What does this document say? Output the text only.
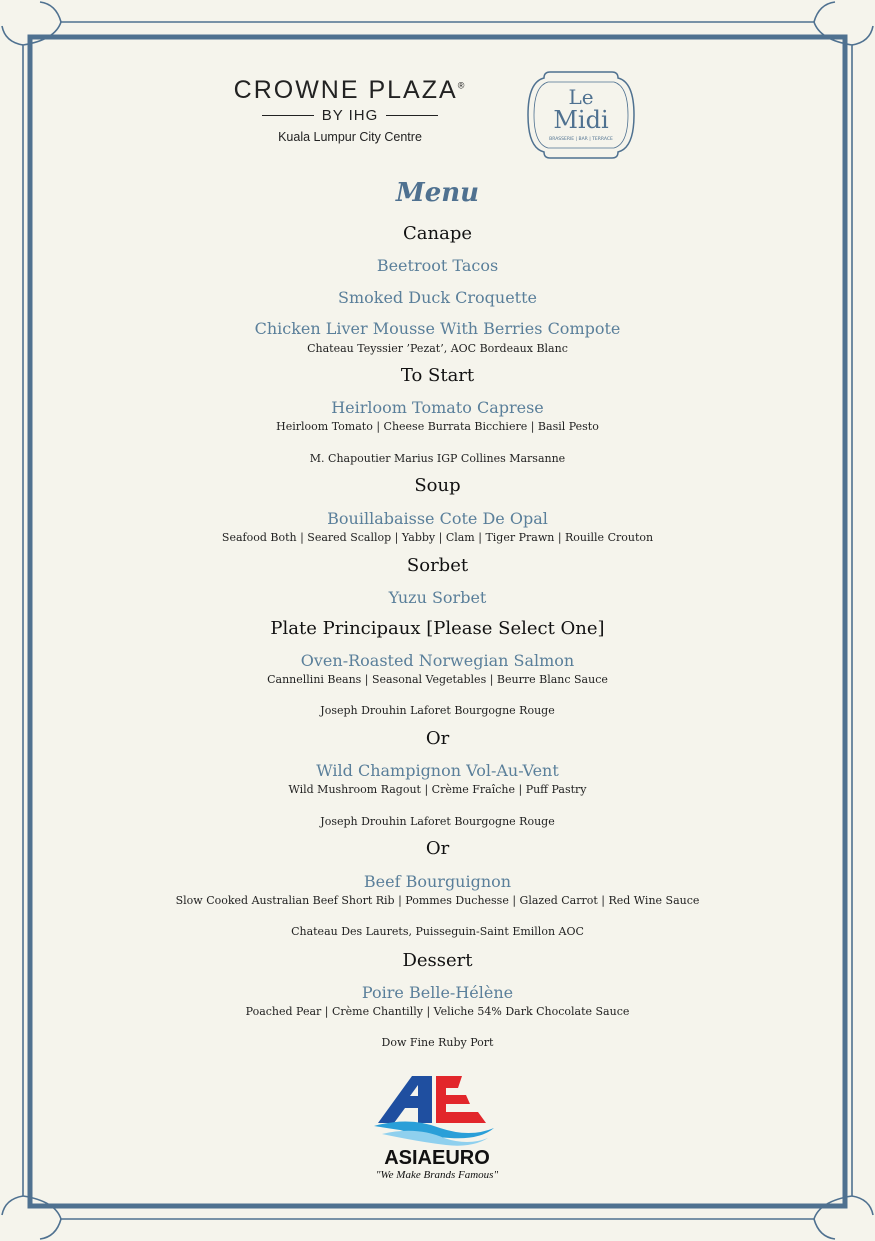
CROWNE PLAZA®
BY IHG
Kuala Lumpur City Centre
Le
Midi
BRASSERIE | BAR | TERRACE
Menu
Canape
Beetroot Tacos
Smoked Duck Croquette
Chicken Liver Mousse With Berries Compote
Chateau Teyssier ’Pezat’, AOC Bordeaux Blanc
To Start
Heirloom Tomato Caprese
Heirloom Tomato | Cheese Burrata Bicchiere | Basil Pesto
M. Chapoutier Marius IGP Collines Marsanne
Soup
Bouillabaisse Cote De Opal
Seafood Both | Seared Scallop | Yabby | Clam | Tiger Prawn | Rouille Crouton
Sorbet
Yuzu Sorbet
Plate Principaux [Please Select One]
Oven-Roasted Norwegian Salmon
Cannellini Beans | Seasonal Vegetables | Beurre Blanc Sauce
Joseph Drouhin Laforet Bourgogne Rouge
Or
Wild Champignon Vol-Au-Vent
Wild Mushroom Ragout | Crème Fraîche | Puff Pastry
Joseph Drouhin Laforet Bourgogne Rouge
Or
Beef Bourguignon
Slow Cooked Australian Beef Short Rib | Pommes Duchesse | Glazed Carrot | Red Wine Sauce
Chateau Des Laurets, Puisseguin-Saint Emillon AOC
Dessert
Poire Belle-Hélène
Poached Pear | Crème Chantilly | Veliche 54% Dark Chocolate Sauce
Dow Fine Ruby Port
ASIAEURO
"We Make Brands Famous"
